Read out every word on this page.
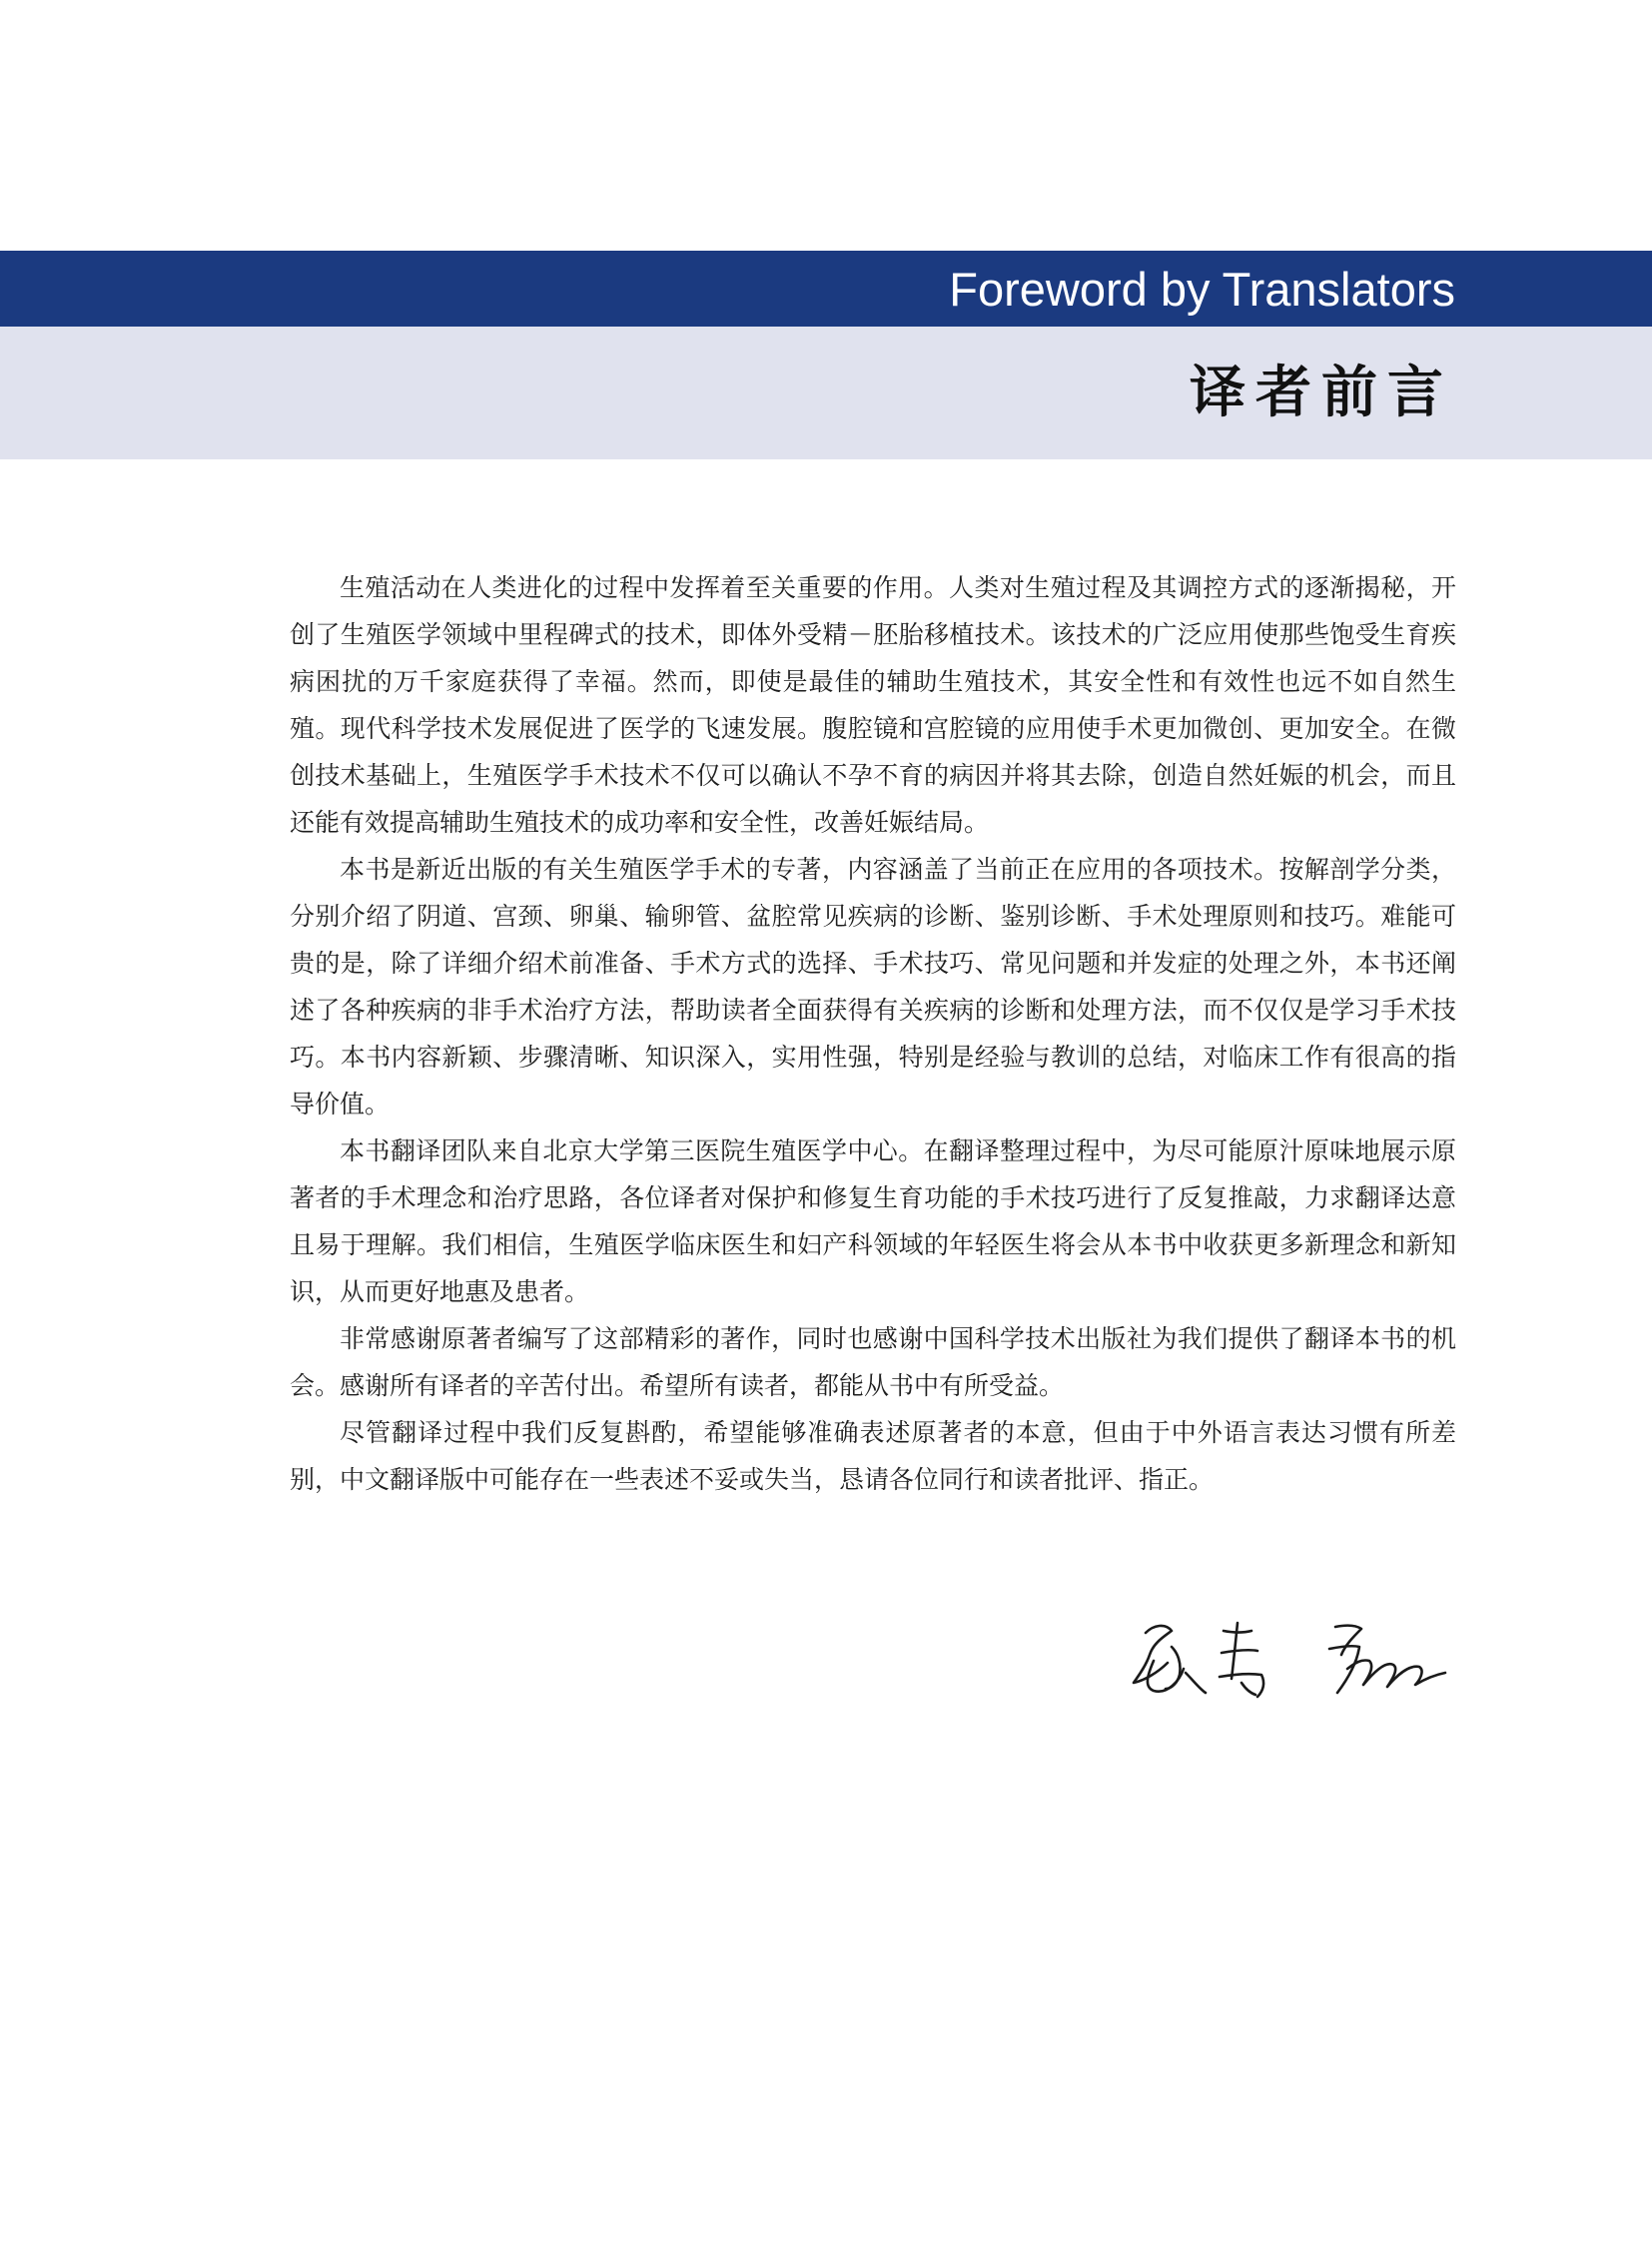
Foreword by Translators
译者前言

生殖活动在人类进化的过程中发挥着至关重要的作用。人类对生殖过程及其调控方式的逐渐揭秘，开创了生殖医学领域中里程碑式的技术，即体外受精－胚胎移植技术。该技术的广泛应用使那些饱受生育疾病困扰的万千家庭获得了幸福。然而，即使是最佳的辅助生殖技术，其安全性和有效性也远不如自然生殖。现代科学技术发展促进了医学的飞速发展。腹腔镜和宫腔镜的应用使手术更加微创、更加安全。在微创技术基础上，生殖医学手术技术不仅可以确认不孕不育的病因并将其去除，创造自然妊娠的机会，而且还能有效提高辅助生殖技术的成功率和安全性，改善妊娠结局。

本书是新近出版的有关生殖医学手术的专著，内容涵盖了当前正在应用的各项技术。按解剖学分类，分别介绍了阴道、宫颈、卵巢、输卵管、盆腔常见疾病的诊断、鉴别诊断、手术处理原则和技巧。难能可贵的是，除了详细介绍术前准备、手术方式的选择、手术技巧、常见问题和并发症的处理之外，本书还阐述了各种疾病的非手术治疗方法，帮助读者全面获得有关疾病的诊断和处理方法，而不仅仅是学习手术技巧。本书内容新颖、步骤清晰、知识深入，实用性强，特别是经验与教训的总结，对临床工作有很高的指导价值。

本书翻译团队来自北京大学第三医院生殖医学中心。在翻译整理过程中，为尽可能原汁原味地展示原著者的手术理念和治疗思路，各位译者对保护和修复生育功能的手术技巧进行了反复推敲，力求翻译达意且易于理解。我们相信，生殖医学临床医生和妇产科领域的年轻医生将会从本书中收获更多新理念和新知识，从而更好地惠及患者。

非常感谢原著者编写了这部精彩的著作，同时也感谢中国科学技术出版社为我们提供了翻译本书的机会。感谢所有译者的辛苦付出。希望所有读者，都能从书中有所受益。

尽管翻译过程中我们反复斟酌，希望能够准确表述原著者的本意，但由于中外语言表达习惯有所差别，中文翻译版中可能存在一些表述不妥或失当，恳请各位同行和读者批评、指正。
